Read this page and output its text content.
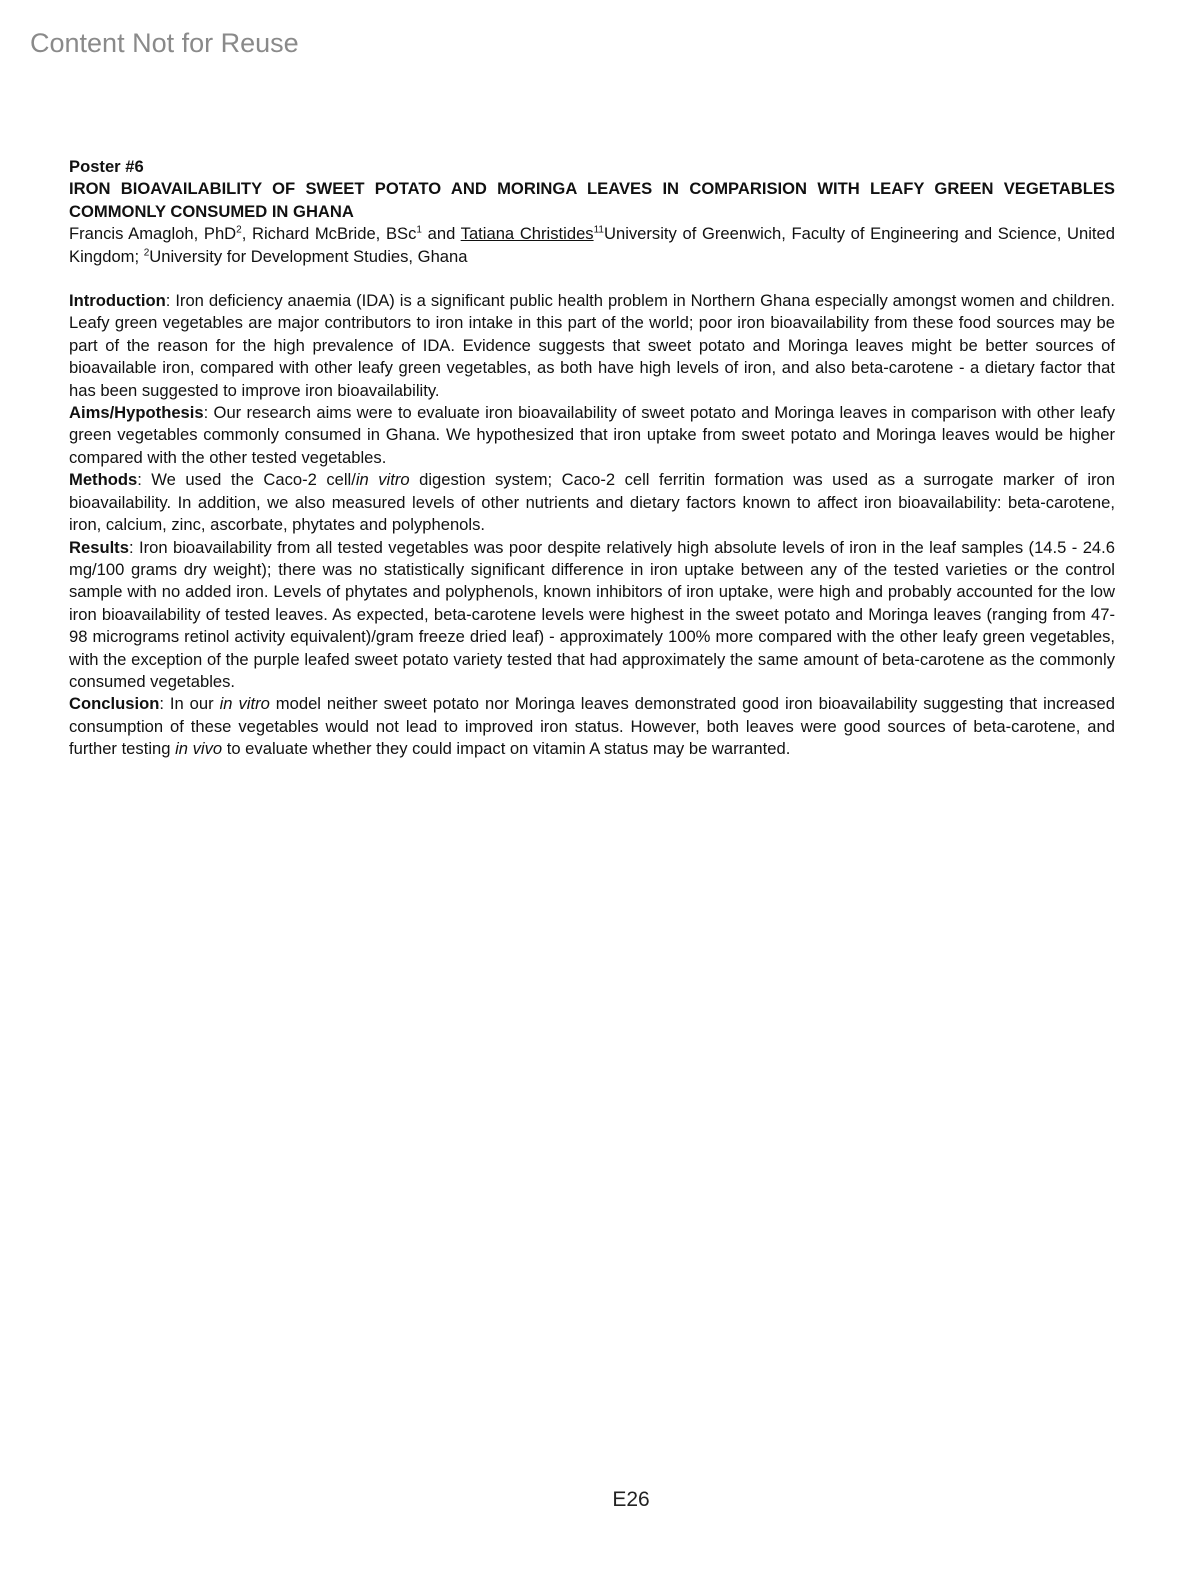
Content Not for Reuse
Poster #6
IRON BIOAVAILABILITY OF SWEET POTATO AND MORINGA LEAVES IN COMPARISION WITH LEAFY GREEN VEGETABLES COMMONLY CONSUMED IN GHANA

Francis Amagloh, PhD$^2$, Richard McBride, BSc$^1$ and Tatiana Christides$^{11}$University of Greenwich, Faculty of Engineering and Science, United Kingdom; $^2$University for Development Studies, Ghana

Introduction: Iron deficiency anaemia (IDA) is a significant public health problem in Northern Ghana especially amongst women and children. Leafy green vegetables are major contributors to iron intake in this part of the world; poor iron bioavailability from these food sources may be part of the reason for the high prevalence of IDA. Evidence suggests that sweet potato and Moringa leaves might be better sources of bioavailable iron, compared with other leafy green vegetables, as both have high levels of iron, and also beta-carotene - a dietary factor that has been suggested to improve iron bioavailability.

Aims/Hypothesis: Our research aims were to evaluate iron bioavailability of sweet potato and Moringa leaves in comparison with other leafy green vegetables commonly consumed in Ghana. We hypothesized that iron uptake from sweet potato and Moringa leaves would be higher compared with the other tested vegetables.

Methods: We used the Caco-2 cell/in vitro digestion system; Caco-2 cell ferritin formation was used as a surrogate marker of iron bioavailability. In addition, we also measured levels of other nutrients and dietary factors known to affect iron bioavailability: beta-carotene, iron, calcium, zinc, ascorbate, phytates and polyphenols.

Results: Iron bioavailability from all tested vegetables was poor despite relatively high absolute levels of iron in the leaf samples (14.5 - 24.6 mg/100 grams dry weight); there was no statistically significant difference in iron uptake between any of the tested varieties or the control sample with no added iron. Levels of phytates and polyphenols, known inhibitors of iron uptake, were high and probably accounted for the low iron bioavailability of tested leaves. As expected, beta-carotene levels were highest in the sweet potato and Moringa leaves (ranging from 47-98 micrograms retinol activity equivalent)/gram freeze dried leaf) - approximately 100% more compared with the other leafy green vegetables, with the exception of the purple leafed sweet potato variety tested that had approximately the same amount of beta-carotene as the commonly consumed vegetables.

Conclusion: In our in vitro model neither sweet potato nor Moringa leaves demonstrated good iron bioavailability suggesting that increased consumption of these vegetables would not lead to improved iron status. However, both leaves were good sources of beta-carotene, and further testing in vivo to evaluate whether they could impact on vitamin A status may be warranted.

E26
